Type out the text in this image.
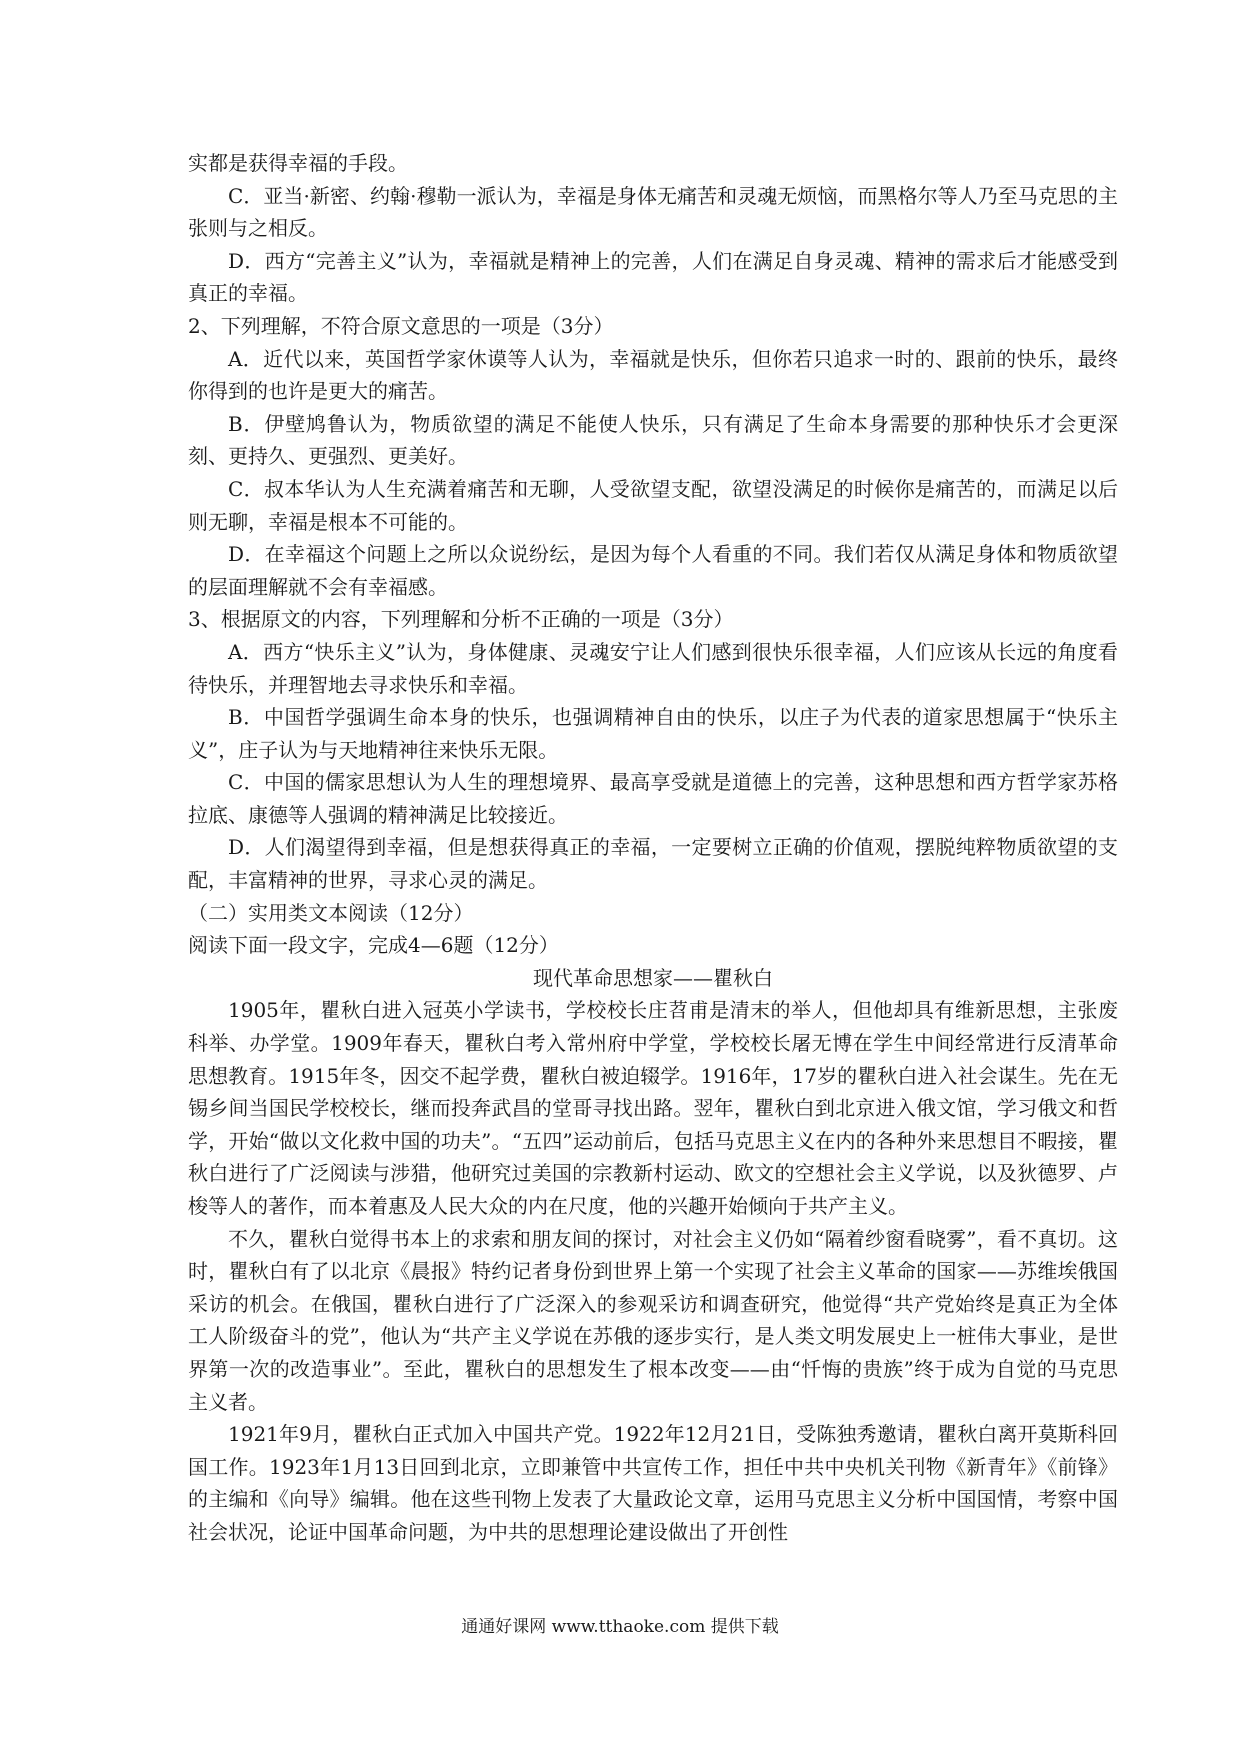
实都是获得幸福的手段。

C．亚当·新密、约翰·穆勒一派认为，幸福是身体无痛苦和灵魂无烦恼，而黑格尔等人乃至马克思的主张则与之相反。

D．西方“完善主义”认为，幸福就是精神上的完善，人们在满足自身灵魂、精神的需求后才能感受到真正的幸福。

2、下列理解，不符合原文意思的一项是（3分）

A．近代以来，英国哲学家休谟等人认为，幸福就是快乐，但你若只追求一时的、跟前的快乐，最终你得到的也许是更大的痛苦。

B．伊壁鸠鲁认为，物质欲望的满足不能使人快乐，只有满足了生命本身需要的那种快乐才会更深刻、更持久、更强烈、更美好。

C．叔本华认为人生充满着痛苦和无聊，人受欲望支配，欲望没满足的时候你是痛苦的，而满足以后则无聊，幸福是根本不可能的。

D．在幸福这个问题上之所以众说纷纭，是因为每个人看重的不同。我们若仅从满足身体和物质欲望的层面理解就不会有幸福感。

3、根据原文的内容，下列理解和分析不正确的一项是（3分）

A．西方“快乐主义”认为，身体健康、灵魂安宁让人们感到很快乐很幸福，人们应该从长远的角度看待快乐，并理智地去寻求快乐和幸福。

B．中国哲学强调生命本身的快乐，也强调精神自由的快乐，以庄子为代表的道家思想属于“快乐主义”，庄子认为与天地精神往来快乐无限。

C．中国的儒家思想认为人生的理想境界、最高享受就是道德上的完善，这种思想和西方哲学家苏格拉底、康德等人强调的精神满足比较接近。

D．人们渴望得到幸福，但是想获得真正的幸福，一定要树立正确的价值观，摆脱纯粹物质欲望的支配，丰富精神的世界，寻求心灵的满足。

（二）实用类文本阅读（12分）

阅读下面一段文字，完成4—6题（12分）

现代革命思想家——瞿秋白

1905年，瞿秋白进入冠英小学读书，学校校长庄苕甫是清末的举人，但他却具有维新思想，主张废科举、办学堂。1909年春天，瞿秋白考入常州府中学堂，学校校长屠无博在学生中间经常进行反清革命思想教育。1915年冬，因交不起学费，瞿秋白被迫辍学。1916年，17岁的瞿秋白进入社会谋生。先在无锡乡间当国民学校校长，继而投奔武昌的堂哥寻找出路。翌年，瞿秋白到北京进入俄文馆，学习俄文和哲学，开始“做以文化救中国的功夫”。“五四”运动前后，包括马克思主义在内的各种外来思想目不暇接，瞿秋白进行了广泛阅读与涉猎，他研究过美国的宗教新村运动、欧文的空想社会主义学说，以及狄德罗、卢梭等人的著作，而本着惠及人民大众的内在尺度，他的兴趣开始倾向于共产主义。

不久，瞿秋白觉得书本上的求索和朋友间的探讨，对社会主义仍如“隔着纱窗看晓雾”，看不真切。这时，瞿秋白有了以北京《晨报》特约记者身份到世界上第一个实现了社会主义革命的国家——苏维埃俄国采访的机会。在俄国，瞿秋白进行了广泛深入的参观采访和调查研究，他觉得“共产党始终是真正为全体工人阶级奋斗的党”，他认为“共产主义学说在苏俄的逐步实行，是人类文明发展史上一桩伟大事业，是世界第一次的改造事业”。至此，瞿秋白的思想发生了根本改变——由“忏悔的贵族”终于成为自觉的马克思主义者。

1921年9月，瞿秋白正式加入中国共产党。1922年12月21日，受陈独秀邀请，瞿秋白离开莫斯科回国工作。1923年1月13日回到北京，立即兼管中共宣传工作，担任中共中央机关刊物《新青年》《前锋》的主编和《向导》编辑。他在这些刊物上发表了大量政论文章，运用马克思主义分析中国国情，考察中国社会状况，论证中国革命问题，为中共的思想理论建设做出了开创性

通通好课网 www.tthaoke.com 提供下载
